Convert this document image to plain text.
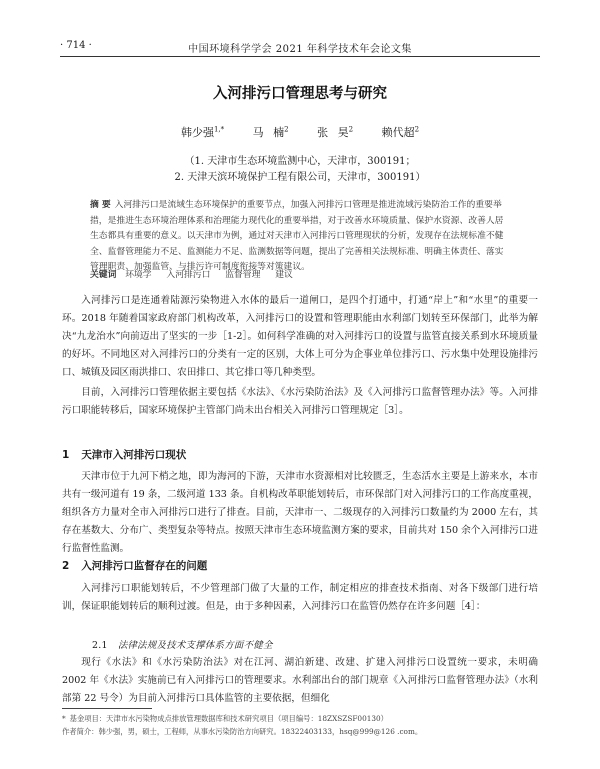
· 714 ·	中国环境科学学会 2021 年科学技术年会论文集
入河排污口管理思考与研究
韩少强$^{1,*}$	马 楠$^2$	张 昊$^2$	赖代超$^2$
（1. 天津市生态环境监测中心，天津市，300191；
2. 天津天滨环境保护工程有限公司，天津市，300191）
摘 要 入河排污口是流域生态环境保护的重要节点，加强入河排污口管理是推进流域污染防治工作的重要举措，是推进生态环境治理体系和治理能力现代化的重要举措，对于改善水环境质量、保护水资源、改善人居生态都具有重要的意义。以天津市为例，通过对天津市入河排污口管理现状的分析，发现存在法规标准不健全、监督管理能力不足、监测能力不足、监测数据等问题，提出了完善相关法规标准、明确主体责任、落实管理职责、加强监管、与排污许可制度衔接等对策建议。
关键词 环境学 入河排污口 监督管理 建议
入河排污口是连通着陆源污染物进入水体的最后一道闸口，是四个打通中，打通“岸上”和“水里”的重要一环。2018 年随着国家政府部门机构改革，入河排污口的设置和管理职能由水利部门划转至环保部门，此举为解决“九龙治水”向前迈出了坚实的一步［1-2］。如何科学准确的对入河排污口的设置与监管直接关系到水环境质量的好坏。不同地区对入河排污口的分类有一定的区别，大体上可分为企事业单位排污口、污水集中处理设施排污口、城镇及园区雨洪排口、农田排口、其它排口等几种类型。
目前，入河排污口管理依据主要包括《水法》、《水污染防治法》及《入河排污口监督管理办法》等。入河排污口职能转移后，国家环境保护主管部门尚未出台相关入河排污口管理规定［3］。
1 天津市入河排污口现状
天津市位于九河下梢之地，即为海河的下游，天津市水资源相对比较匮乏，生态活水主要是上游来水，本市共有一级河道有 19 条，二级河道 133 条。自机构改革职能划转后，市环保部门对入河排污口的工作高度重视，组织各方力量对全市入河排污口进行了排查。目前，天津市一、二级现存的入河排污口数量约为 2000 左右，其存在基数大、分布广、类型复杂等特点。按照天津市生态环境监测方案的要求，目前共对 150 余个入河排污口进行监督性监测。
2 入河排污口监督存在的问题
入河排污口职能划转后，不少管理部门做了大量的工作，制定相应的排查技术指南、对各下级部门进行培训，保证职能划转后的顺利过渡。但是，由于多种因素，入河排污口在监管仍然存在许多问题［4］：
2.1 法律法规及技术支撑体系方面不健全
现行《水法》和《水污染防治法》对在江河、湖泊新建、改建、扩建入河排污口设置统一要求，未明确 2002 年《水法》实施前已有入河排污口的管理要求。水利部出台的部门规章《入河排污口监督管理办法》（水利部第 22 号令）为目前入河排污口具体监管的主要依据，但细化
* 基金项目：天津市水污染物成点排放管理数据库和技术研究项目（项目编号：18ZXSZSF00130）
作者简介：韩少强，男，硕士，工程师，从事水污染防治方向研究。18322403133，hsq@999@126 .com。
